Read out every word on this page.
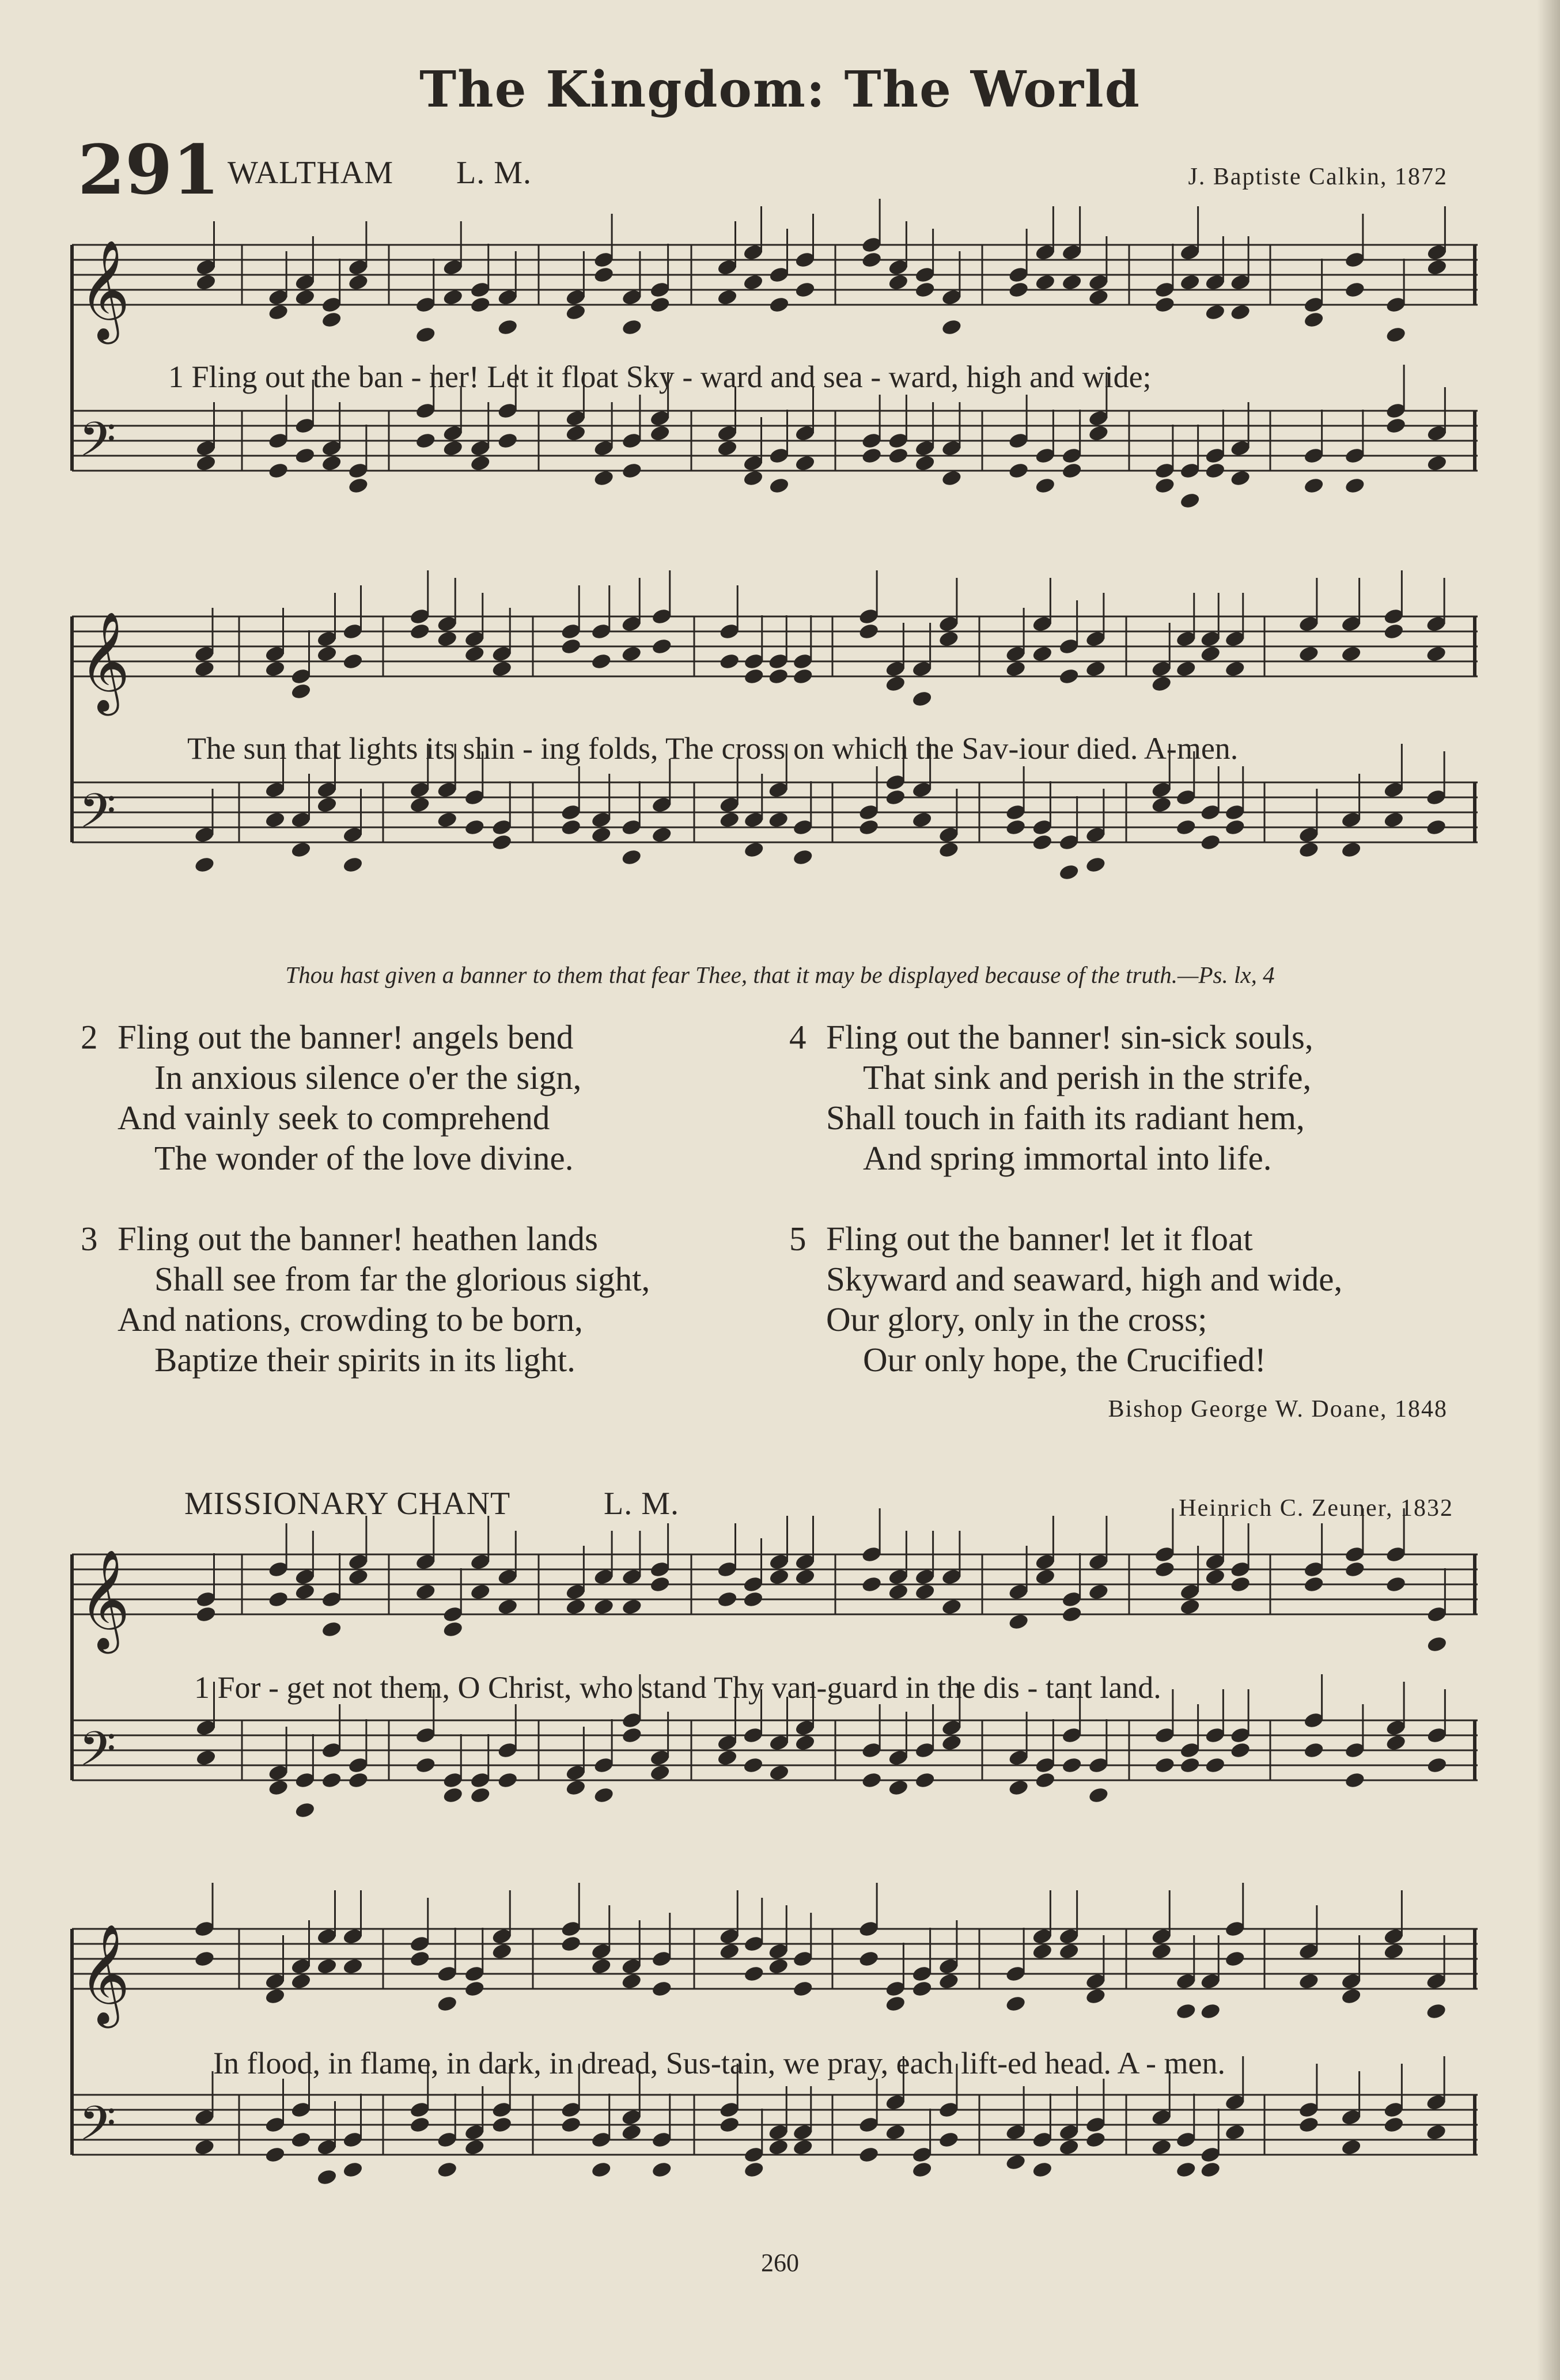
The Kingdom: The World
291 WALTHAM L. M.	J. Baptiste Calkin, 1872
𝄞
𝄢
1 Fling out the ban - ner! Let it float Sky - ward and sea - ward, high and wide;
𝄞
𝄢
The sun that lights its shin - ing folds, The cross on which the Sav-iour died. A-men.
Thou hast given a banner to them that fear Thee, that it may be displayed because of the truth.—Ps. lx, 4
2 Fling out the banner! angels bend
In anxious silence o'er the sign,
And vainly seek to comprehend
The wonder of the love divine.
3 Fling out the banner! heathen lands
Shall see from far the glorious sight,
And nations, crowding to be born,
Baptize their spirits in its light.
4 Fling out the banner! sin-sick souls,
That sink and perish in the strife,
Shall touch in faith its radiant hem,
And spring immortal into life.
5 Fling out the banner! let it float
Skyward and seaward, high and wide,
Our glory, only in the cross;
Our only hope, the Crucified!
Bishop George W. Doane, 1848
MISSIONARY CHANT	L. M.	Heinrich C. Zeuner, 1832
𝄞
𝄢
1 For - get not them, O Christ, who stand Thy van-guard in the dis - tant land.
𝄞
𝄢
In flood, in flame, in dark, in dread, Sus-tain, we pray, each lift-ed head. A - men.
260
